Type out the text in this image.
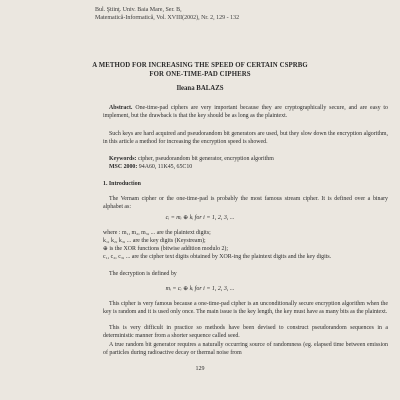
Bul. Ştiinţ. Univ. Baia Mare, Ser. B,
Matematică-Informatică, Vol. XVIII(2002), Nr. 2, 129 - 132
A METHOD FOR INCREASING THE SPEED OF CERTAIN CSPRBG
FOR ONE-TIME-PAD CIPHERS
Ileana BALAZS
Abstract. One-time-pad ciphers are very important because they are cryptographically secure, and are easy to implement, but the drawback is that the key should be as long as the plaintext.
Such keys are hard acquired and pseudorandom bit generators are used, but they slow down the encryption algorithm, in this article a method for increasing the encryption speed is showed.
Keywords: cipher, pseudorandom bit generator, encryption algorithm
MSC 2000: 94A60, 11K45, 65C10
1. Introduction
The Vernam cipher or the one-time-pad is probably the most famous stream cipher. It is defined over a binary alphabet as:
cᵢ = mᵢ ⊕ kᵢ for i = 1, 2, 3, ...
where : m₁, m₂, m₃, ... are the plaintext digits;
k₁, k₂, k₃, ... are the key digits (Keystream);
⊕ is the XOR functions (bitwise addition modulo 2);
c₁, c₂, c₃, ... are the cipher text digits obtained by XOR-ing the plaintext digits and the key digits.
The decryption is defined by
mᵢ = cᵢ ⊕ kᵢ for i = 1, 2, 3, ...
This cipher is very famous because a one-time-pad cipher is an unconditionally secure encryption algorithm when the key is random and it is used only once. The main issue is the key length, the key must have as many bits as the plaintext.
This is very difficult in practice so methods have been devised to construct pseudorandom sequences in a deterministic manner from a shorter sequence called seed.
A true random bit generator requires a naturally occurring source of randomness (eg. elapsed time between emission of particles during radioactive decay or thermal noise from
129
